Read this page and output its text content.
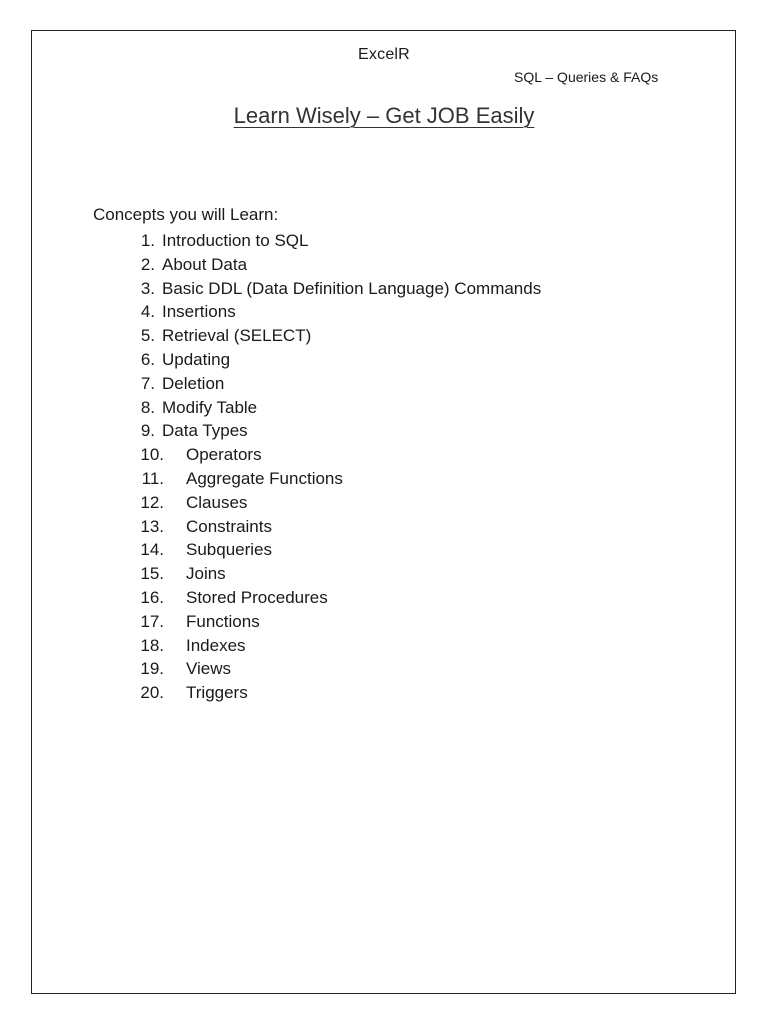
ExcelR
SQL – Queries & FAQs
Learn Wisely – Get JOB Easily
Concepts you will Learn:
1. Introduction to SQL
2. About Data
3. Basic DDL (Data Definition Language) Commands
4. Insertions
5. Retrieval (SELECT)
6. Updating
7. Deletion
8. Modify Table
9. Data Types
10. Operators
11. Aggregate Functions
12. Clauses
13. Constraints
14. Subqueries
15. Joins
16. Stored Procedures
17. Functions
18. Indexes
19. Views
20. Triggers
